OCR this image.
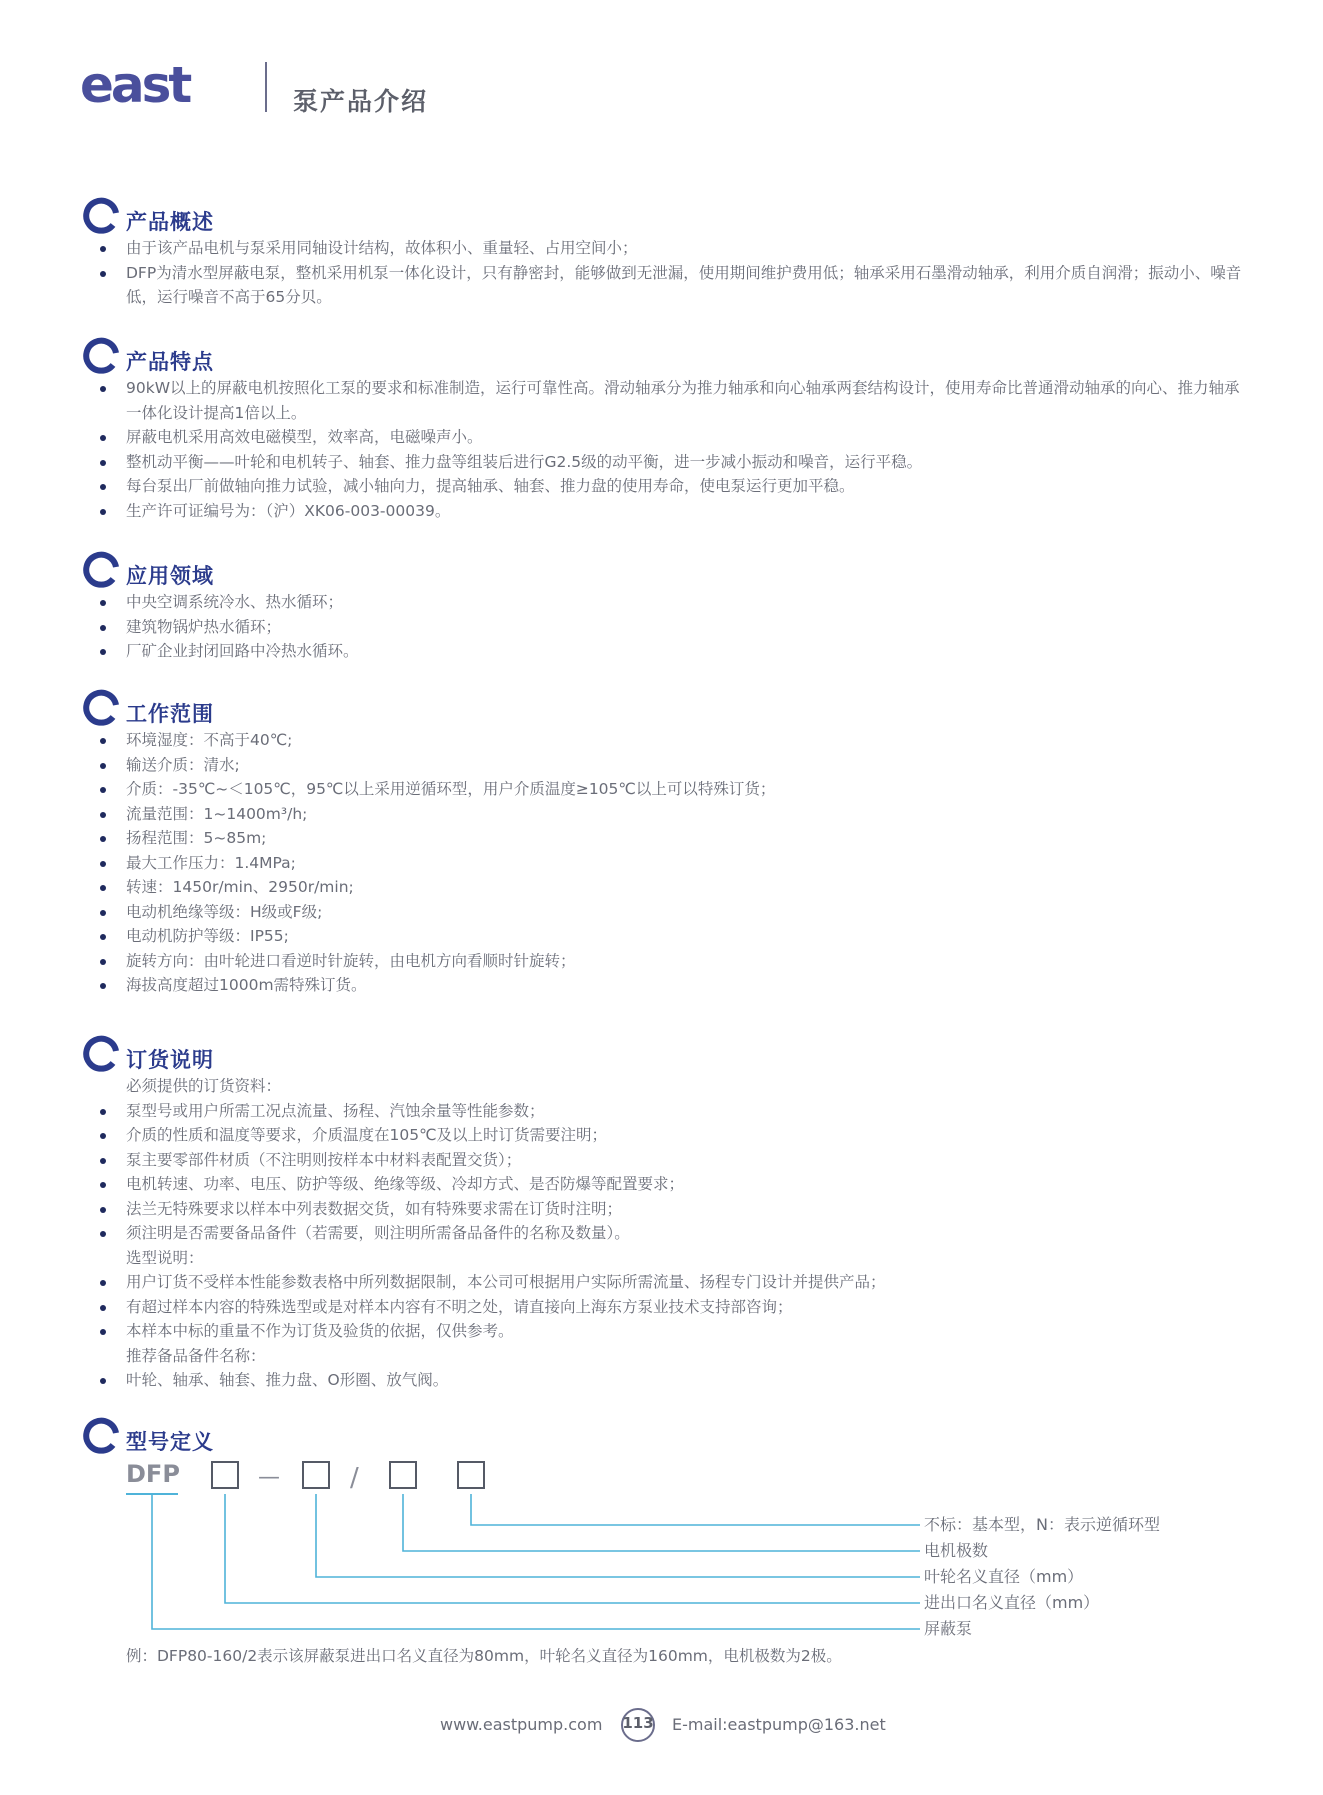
east	泵产品介绍
产品概述
由于该产品电机与泵采用同轴设计结构，故体积小、重量轻、占用空间小；
DFP为清水型屏蔽电泵，整机采用机泵一体化设计，只有静密封，能够做到无泄漏，使用期间维护费用低；轴承采用石墨滑动轴承，利用介质自润滑；振动小、噪音低，运行噪音不高于65分贝。
产品特点
90kW以上的屏蔽电机按照化工泵的要求和标准制造，运行可靠性高。滑动轴承分为推力轴承和向心轴承两套结构设计，使用寿命比普通滑动轴承的向心、推力轴承一体化设计提高1倍以上。
屏蔽电机采用高效电磁模型，效率高，电磁噪声小。
整机动平衡——叶轮和电机转子、轴套、推力盘等组装后进行G2.5级的动平衡，进一步减小振动和噪音，运行平稳。
每台泵出厂前做轴向推力试验，减小轴向力，提高轴承、轴套、推力盘的使用寿命，使电泵运行更加平稳。
生产许可证编号为：（沪）XK06-003-00039。
应用领域
中央空调系统冷水、热水循环；
建筑物锅炉热水循环；
厂矿企业封闭回路中冷热水循环。
工作范围
环境湿度：不高于40℃;
输送介质：清水;
介质：-35℃~＜105℃，95℃以上采用逆循环型，用户介质温度≥105℃以上可以特殊订货；
流量范围：1~1400m³/h;
扬程范围：5~85m;
最大工作压力：1.4MPa;
转速：1450r/min、2950r/min;
电动机绝缘等级：H级或F级;
电动机防护等级：IP55;
旋转方向：由叶轮进口看逆时针旋转，由电机方向看顺时针旋转；
海拔高度超过1000m需特殊订货。
订货说明
必须提供的订货资料：
泵型号或用户所需工况点流量、扬程、汽蚀余量等性能参数；
介质的性质和温度等要求，介质温度在105℃及以上时订货需要注明；
泵主要零部件材质（不注明则按样本中材料表配置交货）；
电机转速、功率、电压、防护等级、绝缘等级、冷却方式、是否防爆等配置要求；
法兰无特殊要求以样本中列表数据交货，如有特殊要求需在订货时注明；
须注明是否需要备品备件（若需要，则注明所需备品备件的名称及数量）。
选型说明：
用户订货不受样本性能参数表格中所列数据限制，本公司可根据用户实际所需流量、扬程专门设计并提供产品；
有超过样本内容的特殊选型或是对样本内容有不明之处，请直接向上海东方泵业技术支持部咨询；
本样本中标的重量不作为订货及验货的依据，仅供参考。
推荐备品备件名称：
叶轮、轴承、轴套、推力盘、O形圈、放气阀。
型号定义
DFP	—	/
不标：基本型，N：表示逆循环型
电机极数
叶轮名义直径（mm）
进出口名义直径（mm）
屏蔽泵
例：DFP80-160/2表示该屏蔽泵进出口名义直径为80mm，叶轮名义直径为160mm，电机极数为2极。
www.eastpump.com 113 E-mail:eastpump@163.net
